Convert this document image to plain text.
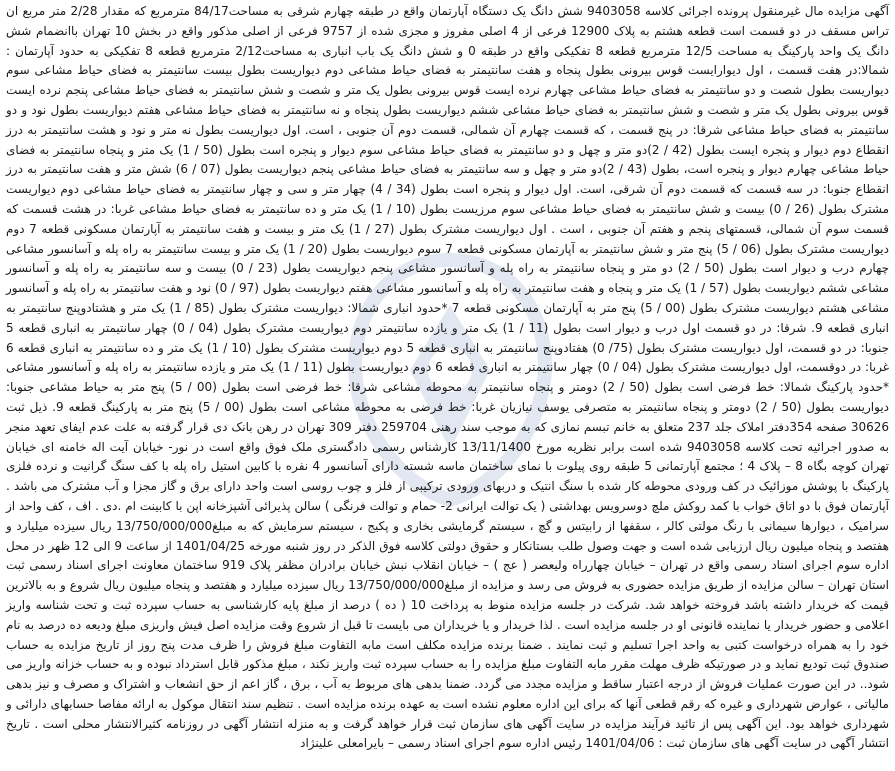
آگهی مزایده مال غیرمنقول پرونده اجرائی کلاسه 9403058 شش دانگ یک دستگاه آپارتمان واقع در طبقه چهارم شرقی به مساحت84/17 مترمربع که مقدار 2/28 متر مربع ان تراس مسقف در دو قسمت است قطعه هشتم به پلاک 12900 فرعی از 4 اصلی مفروز و مجزی شده از 9757 فرعی از اصلی مذکور واقع در بخش 10 تهران باانضمام شش دانگ یک واحد پارکینگ به مساحت 12/5 مترمربع قطعه 8 تفکیکی واقع در طبقه 0 و شش دانگ یک باب انباری به مساحت2/12 مترمربع قطعه 8 تفکیکی به حدود آپارتمان : شمالا:در هفت قسمت ، اول دیوارایست قوس بیرونی بطول پنجاه و هفت سانتیمتر به فضای حیاط مشاعی دوم دیواریست بطول بیست سانتیمتر به فضای حیاط مشاعی سوم دیواریست بطول شصت و دو سانتیمتر به فضای حیاط مشاعی چهارم نرده ایست قوس بیرونی بطول یک متر و شصت و شش سانتیمتر به فضای حیاط مشاعی پنجم نرده ایست قوس بیرونی بطول یک متر و شصت و شش سانتیمتر به فضای حیاط مشاعی ششم دیواریست بطول پنجاه و نه سانتیمتر به فضای حیاط مشاعی هفتم دیواریست بطول نود و دو سانتیمتر به فضای حیاط مشاعی شرقا: در پنج قسمت ، که قسمت چهارم آن شمالی، قسمت دوم آن جنوبی ، است. اول دیواریست بطول نه متر و نود و هشت سانتیمتر به درز انقطاع دوم دیوار و پنجره ایست بطول (42 / 2)دو متر و چهل و دو سانتیمتر به فضای حیاط مشاعی سوم دیوار و پنجره است بطول (50 / 1) یک متر و پنجاه سانتیمتر به فضای حیاط مشاعی چهارم دیوار و پنجره است، بطول (43 / 2)دو متر و چهل و سه سانتیمتر به فضای حیاط مشاعی پنجم دیواریست بطول (07 / 6) شش متر و هفت سانتیمتر به درز انقطاع جنوبا: در سه قسمت که قسمت دوم آن شرقی، است. اول دیوار و پنجره است بطول (34 / 4) چهار متر و سی و چهار سانتیمتر به فضای حیاط مشاعی دوم دیواریست مشترک بطول (26 / 0) بیست و شش سانتیمتر به فضای حیاط مشاعی سوم مرزیست بطول (10 / 1) یک متر و ده سانتیمتر به فضای حیاط مشاعی غربا: در هشت قسمت که قسمت سوم آن شمالی، قسمتهای پنجم و هفتم آن جنوبی ، است . اول دیواریست مشترک بطول (27 / 1) یک متر و بیست و هفت سانتیمتر به آپارتمان مسکونی قطعه 7 دوم دیواریست مشترک بطول (06 / 5) پنج متر و شش سانتیمتر به آپارتمان مسکونی قطعه 7 سوم دیواریست بطول (20 / 1) یک متر و بیست سانتیمتر به راه پله و آسانسور مشاعی چهارم درب و دیوار است بطول (50 / 2) دو متر و پنجاه سانتیمتر به راه پله و آسانسور مشاعی پنجم دیواریست بطول (23 / 0) بیست و سه سانتیمتر به راه پله و آسانسور مشاعی ششم دیواریست بطول (57 / 1) یک متر و پنجاه و هفت سانتیمتر به راه پله و آسانسور مشاعی هفتم دیواریست بطول (97 / 0) نود و هفت سانتیمتر به راه پله و آسانسور مشاعی هشتم دیواریست مشترک بطول (00 / 5) پنج متر به آپارتمان مسکونی قطعه 7 *حدود انباری شمالا: دیواریست مشترک بطول (85 / 1) یک متر و هشتادوپنج سانتیمتر به انباری قطعه 9. شرقا: در دو قسمت اول درب و دیوار است بطول (11 / 1) یک متر و یازده سانتیمتر دوم دیواریست مشترک بطول (04 / 0) چهار سانتیمتر به انباری قطعه 5 جنوبا: در دو قسمت، اول دیواریست مشترک بطول (75/ 0) هفتادوپنج سانتیمتر به انباری قطعه 5 دوم دیواریست مشترک بطول (10 / 1) یک متر و ده سانتیمتر به انباری قطعه 6 غربا: در دوقسمت، اول دیواریست مشترک بطول (04 / 0) چهار سانتیمتر به انباری قطعه 6 دوم دیواریست بطول (11 / 1) یک متر و یازده سانتیمتر به راه پله و آسانسور مشاعی *حدود پارکینگ شمالا: خط فرضی است بطول (50 / 2) دومتر و پنجاه سانتیمتر به محوطه مشاعی شرقا: خط فرضی است بطول (00 / 5) پنج متر به حیاط مشاعی جنوبا: دیواریست بطول (50 / 2) دومتر و پنجاه سانتیمتر به متصرفی یوسف نیازیان غربا: خط فرضی به محوطه مشاعی است بطول (00 / 5) پنج متر به پارکینگ قطعه 9. ذیل ثبت 30626 صفحه 354دفتر املاک جلد 237 متعلق به خانم تبسم نمازی که به موجب سند رهنی 259704 دفتر 309 تهران در رهن بانک دی قرار گرفته به علت عدم ایفای تعهد منجر به صدور اجرائیه تحت کلاسه 9403058 شده است برابر نظریه مورخ 13/11/1400 کارشناس رسمی دادگستری ملک فوق واقع است در نور- خیابان آیت اله خامنه ای خیابان تهران کوچه بگاه 8 – پلاک 4 ؛ مجتمع آپارتمانی 5 طبقه روی پیلوت با نمای ساختمان ماسه شسته دارای آسانسور 4 نفره با کابین استیل راه پله با کف سنگ گرانیت و نرده فلزی پارکینگ با پوشش موزائیک در کف ورودی محوطه کار شده با سنگ انتیک و دربهای ورودی ترکیبی از فلز و چوب روسی است واحد دارای برق و گاز مجزا و آب مشترک می باشد . آپارتمان فوق با دو اتاق خواب با کمد روکش ملچ دوسرویس بهداشتی ( یک توالت ایرانی 2- حمام و توالت فرنگی ) سالن پذیرائی آشپزخانه اپن با کابینت ام .دی . اف ، کف واحد از سرامیک ، دیوارها سیمانی با رنگ مولتی کالر ، سقفها از رابیتس و گچ ، سیستم گرمایشی بخاری و پکیج ، سیستم سرمایش که به مبلغ13/750/000/000 ریال سیزده میلیارد و هفتصد و پنجاه میلیون ریال ارزیابی شده است و جهت وصول طلب بستانکار و حقوق دولتی کلاسه فوق الذکر در روز شنبه مورخه 1401/04/25 از ساعت 9 الی 12 ظهر در محل اداره سوم اجرای اسناد رسمی واقع در تهران – خیابان چهارراه ولیعصر ( عج ) – خیابان انقلاب نبش خیابان برادران مظفر پلاک 919 ساختمان معاونت اجرای اسناد رسمی ثبت استان تهران – سالن مزایده از طریق مزایده حضوری به فروش می رسد و مزایده از مبلغ13/750/000/000 ریال سیزده میلیارد و هفتصد و پنجاه میلیون ریال شروع و به بالاترین قیمت که خریدار داشته باشد فروخته خواهد شد. شرکت در جلسه مزایده منوط به پرداخت 10 ( ده ) درصد از مبلغ پایه کارشناسی به حساب سپرده ثبت و تحت شناسه واریز اعلامی و حضور خریدار یا نماینده قانونی او در جلسه مزایده است . لذا خریدار و یا خریداران می بایست تا قبل از شروع وقت مزایده اصل فیش واریزی مبلغ ودیعه ده درصد به نام خود را به همراه درخواست کتبی به واحد اجرا تسلیم و ثبت نمایند . ضمنا برنده مزایده مکلف است مابه التفاوت مبلغ فروش را ظرف مدت پنج روز از تاریخ مزایده به حساب صندوق ثبت تودیع نماید و در صورتیکه ظرف مهلت مقرر مابه التفاوت مبلغ مزایده را به حساب سپرده ثبت واریز نکند ، مبلغ مذکور قابل استرداد نبوده و به حساب خزانه واریز می شود.. در این صورت عملیات فروش از درجه اعتبار ساقط و مزایده مجدد می گردد. ضمنا بدهی های مربوط به آب ، برق ، گاز اعم از حق انشعاب و اشتراک و مصرف و نیز بدهی مالیاتی ، عوارض شهرداری و غیره که رقم قطعی آنها که برای این اداره معلوم نشده است به عهده برنده مزایده است . تنظیم سند انتقال موکول به ارائه مفاصا حسابهای دارائی و شهرداری خواهد بود. این آگهی پس از تائید فرآیند مزایده در سایت آگهی های سازمان ثبت قرار خواهد گرفت و به منزله انتشار آگهی در روزنامه کثیرالانتشار محلی است . تاریخ انتشار آگهی در سایت آگهی های سازمان ثبت : 1401/04/06 رئیس اداره سوم اجرای اسناد رسمی – بایرامعلی علینژاد
